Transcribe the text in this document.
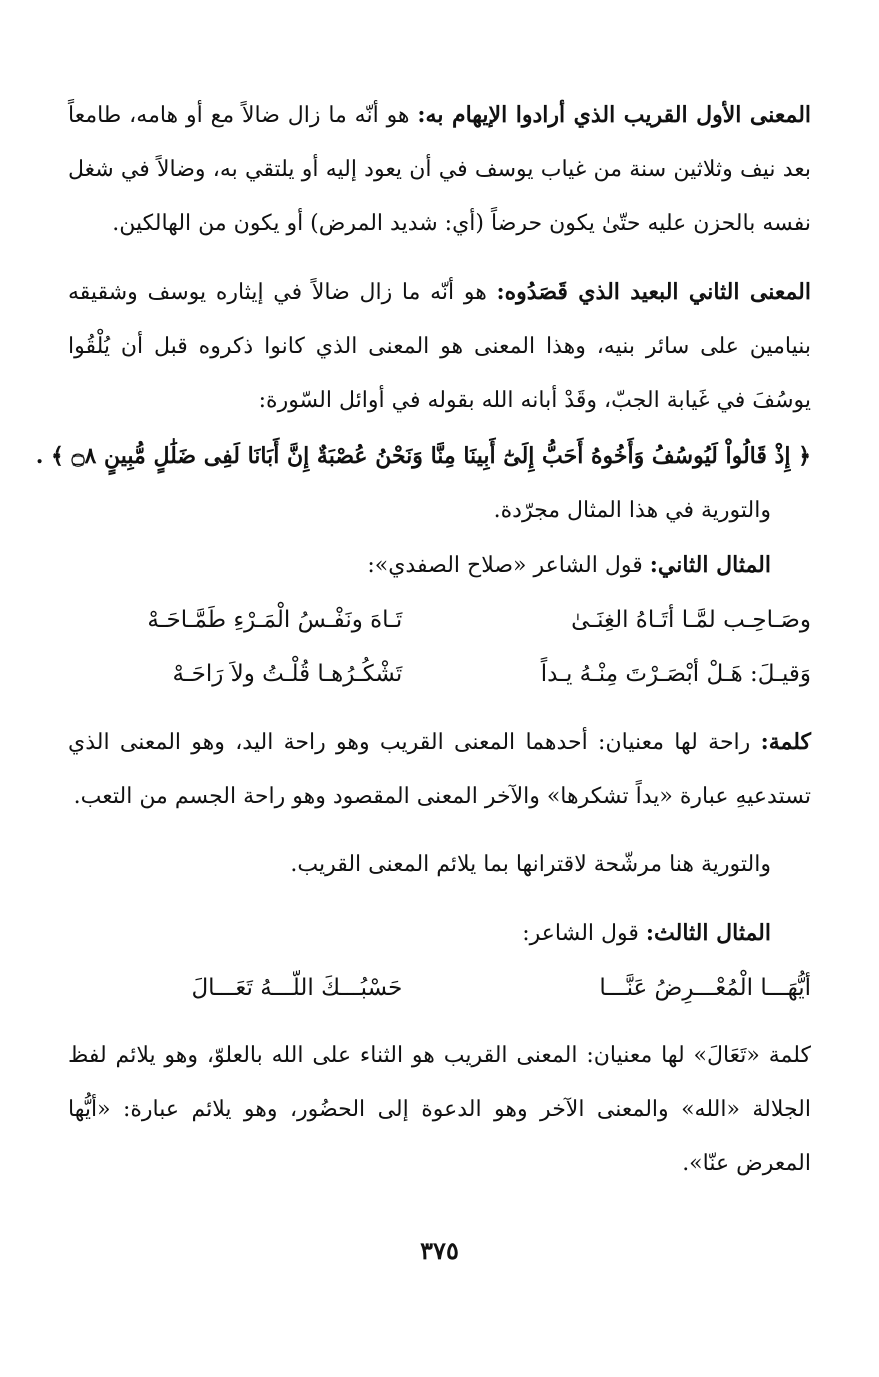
المعنى الأول القريب الذي أرادوا الإيهام به: هو أنّه ما زال ضالاً مع أو هامه، طامعاً بعد نيف وثلاثين سنة من غياب يوسف في أن يعود إليه أو يلتقي به، وضالاً في شغل نفسه بالحزن عليه حتّىٰ يكون حرضاً (أي: شديد المرض) أو يكون من الهالكين.

المعنى الثاني البعيد الذي قَصَدُوه: هو أنّه ما زال ضالاً في إيثاره يوسف وشقيقه بنيامين على سائر بنيه، وهذا المعنى هو المعنى الذي كانوا ذكروه قبل أن يُلْقُوا يوسُفَ في غَيابة الجبّ، وقَدْ أبانه الله بقوله في أوائل السّورة:

﴿ إِذْ قَالُواْ لَيُوسُفُ وَأَخُوهُ أَحَبُّ إِلَىٰٓ أَبِينَا مِنَّا وَنَحْنُ عُصْبَةٌ إِنَّ أَبَانَا لَفِى ضَلَٰلٍ مُّبِينٍ ۝٨ ﴾ .

والتورية في هذا المثال مجرّدة.

المثال الثاني: قول الشاعر «صلاح الصفدي»:

وصَـاحِـب لمَّـا أتَـاهُ الغِنَـىٰ
تَـاهَ ونَفْـسُ الْمَـرْءِ طَمَّـاحَـهْ
وَقيـلَ: هَـلْ أبْصَـرْتَ مِنْـهُ يـداً
تَشْكُـرُهـا قُلْـتُ ولاَ رَاحَـهْ

كلمة: راحة لها معنيان: أحدهما المعنى القريب وهو راحة اليد، وهو المعنى الذي تستدعيهِ عبارة «يداً تشكرها» والآخر المعنى المقصود وهو راحة الجسم من التعب.

والتورية هنا مرشّحة لاقترانها بما يلائم المعنى القريب.

المثال الثالث: قول الشاعر:

أيُّهَـــا الْمُعْـــرِضُ عَنَّـــا
حَسْبُـــكَ اللّـــهُ تَعَـــالَ

كلمة «تَعَالَ» لها معنيان: المعنى القريب هو الثناء على الله بالعلوّ، وهو يلائم لفظ الجلالة «الله» والمعنى الآخر وهو الدعوة إلى الحضُور، وهو يلائم عبارة: «أيُّها المعرض عنّا».

٣٧٥
